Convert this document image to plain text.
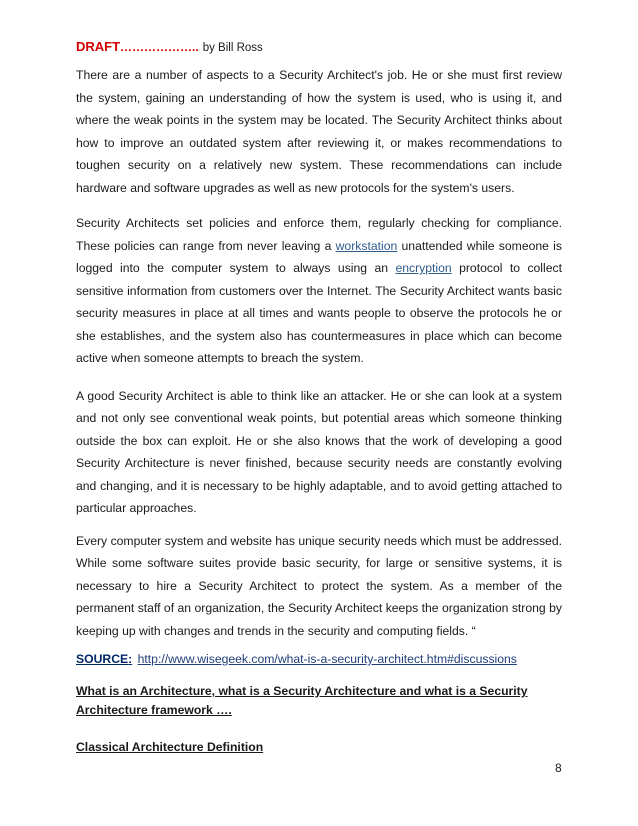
DRAFT……………….. by Bill Ross

There are a number of aspects to a Security Architect's job. He or she must first review the system, gaining an understanding of how the system is used, who is using it, and where the weak points in the system may be located. The Security Architect thinks about how to improve an outdated system after reviewing it, or makes recommendations to toughen security on a relatively new system. These recommendations can include hardware and software upgrades as well as new protocols for the system's users.

Security Architects set policies and enforce them, regularly checking for compliance. These policies can range from never leaving a workstation unattended while someone is logged into the computer system to always using an encryption protocol to collect sensitive information from customers over the Internet. The Security Architect wants basic security measures in place at all times and wants people to observe the protocols he or she establishes, and the system also has countermeasures in place which can become active when someone attempts to breach the system.

A good Security Architect is able to think like an attacker. He or she can look at a system and not only see conventional weak points, but potential areas which someone thinking outside the box can exploit. He or she also knows that the work of developing a good Security Architecture is never finished, because security needs are constantly evolving and changing, and it is necessary to be highly adaptable, and to avoid getting attached to particular approaches.

Every computer system and website has unique security needs which must be addressed. While some software suites provide basic security, for large or sensitive systems, it is necessary to hire a Security Architect to protect the system. As a member of the permanent staff of an organization, the Security Architect keeps the organization strong by keeping up with changes and trends in the security and computing fields. “

SOURCE: http://www.wisegeek.com/what-is-a-security-architect.htm#discussions
What is an Architecture, what is a Security Architecture and what is a Security Architecture framework ….
Classical Architecture Definition
8
